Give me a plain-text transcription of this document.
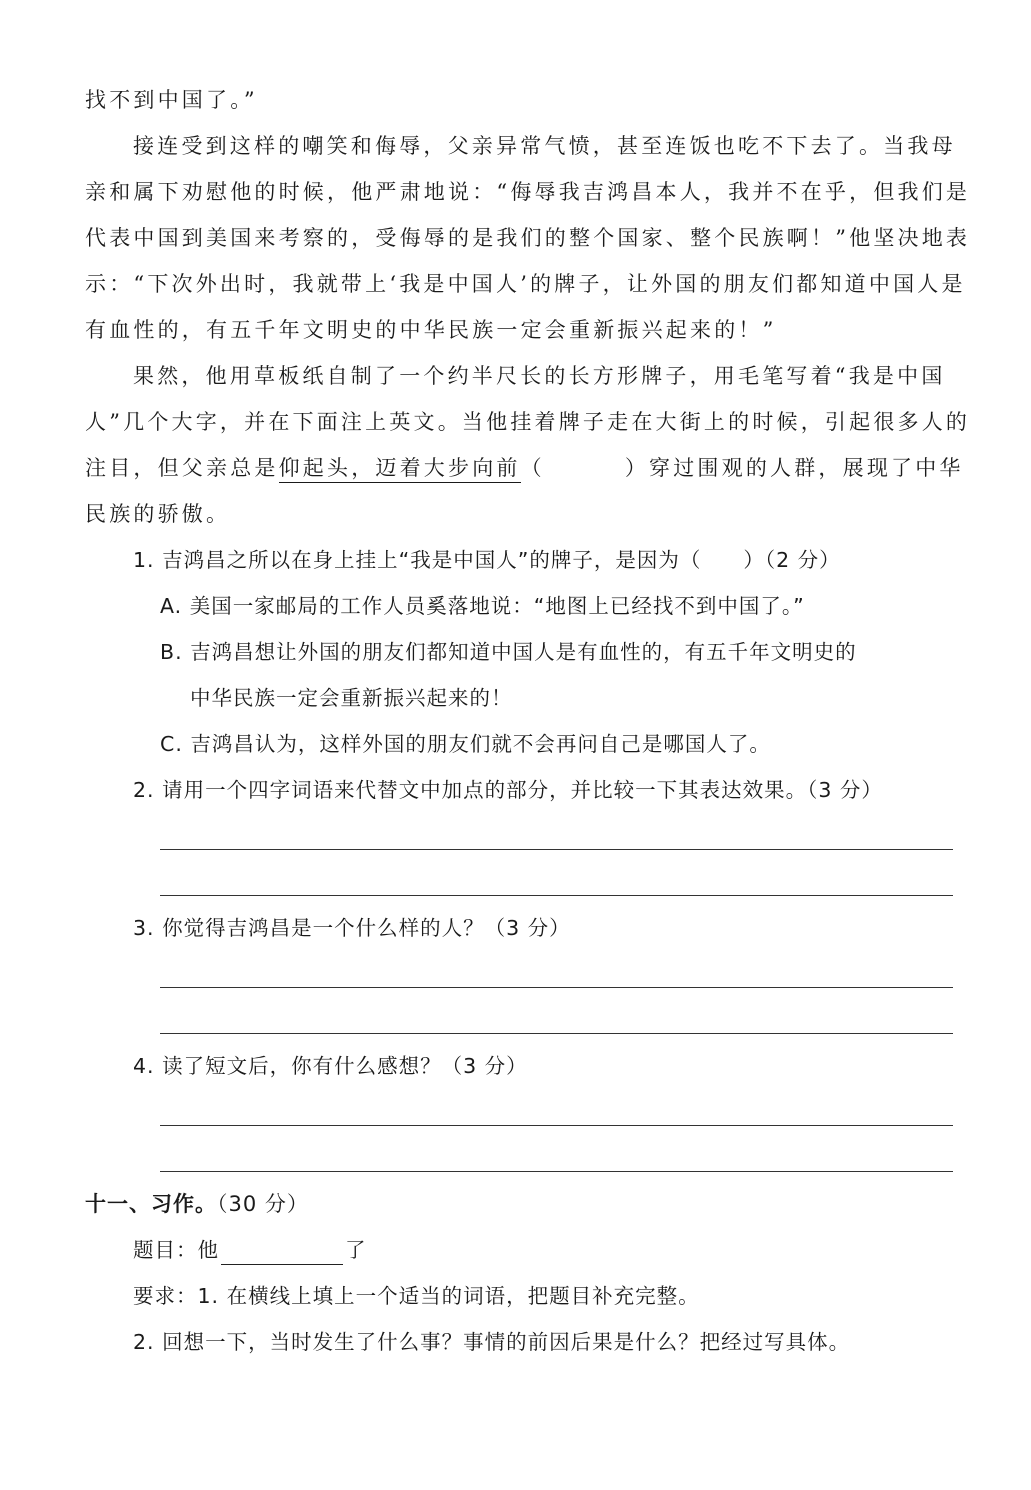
找不到中国了。”
接连受到这样的嘲笑和侮辱，父亲异常气愤，甚至连饭也吃不下去了。当我母
亲和属下劝慰他的时候，他严肃地说：“侮辱我吉鸿昌本人，我并不在乎，但我们是
代表中国到美国来考察的，受侮辱的是我们的整个国家、整个民族啊！”他坚决地表
示：“下次外出时，我就带上‘我是中国人’的牌子，让外国的朋友们都知道中国人是
有血性的，有五千年文明史的中华民族一定会重新振兴起来的！”
果然，他用草板纸自制了一个约半尺长的长方形牌子，用毛笔写着“我是中国
人”几个大字，并在下面注上英文。当他挂着牌子走在大街上的时候，引起很多人的
注目，但父亲总是仰起头，迈着大步向前（	）穿过围观的人群，展现了中华
民族的骄傲。
1. 吉鸿昌之所以在身上挂上“我是中国人”的牌子，是因为（ ）（2 分）
A. 美国一家邮局的工作人员奚落地说：“地图上已经找不到中国了。”
B. 吉鸿昌想让外国的朋友们都知道中国人是有血性的，有五千年文明史的
中华民族一定会重新振兴起来的！
C. 吉鸿昌认为，这样外国的朋友们就不会再问自己是哪国人了。
2. 请用一个四字词语来代替文中加点的部分，并比较一下其表达效果。（3 分）
3. 你觉得吉鸿昌是一个什么样的人？（3 分）
4. 读了短文后，你有什么感想？（3 分）
十一、习作。（30 分）
题目：他	了
要求：1. 在横线上填上一个适当的词语，把题目补充完整。
2. 回想一下，当时发生了什么事？事情的前因后果是什么？把经过写具体。
